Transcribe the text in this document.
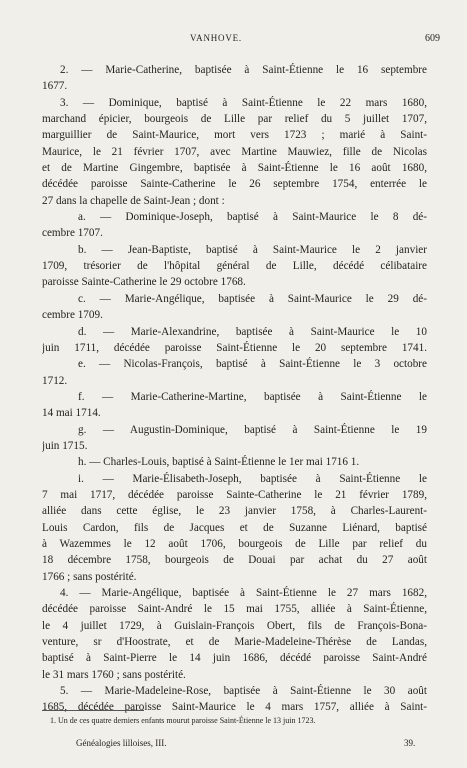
VANHOVE.	609
2. — Marie-Catherine, baptisée à Saint-Étienne le 16 septembre
1677.
3. — Dominique, baptisé à Saint-Étienne le 22 mars 1680,
marchand épicier, bourgeois de Lille par relief du 5 juillet 1707,
marguillier de Saint-Maurice, mort vers 1723 ; marié à Saint-
Maurice, le 21 février 1707, avec Martine Mauwiez, fille de Nicolas
et de Martine Gingembre, baptisée à Saint-Étienne le 16 août 1680,
décédée paroisse Sainte-Catherine le 26 septembre 1754, enterrée le
27 dans la chapelle de Saint-Jean ; dont :
a. — Dominique-Joseph, baptisé à Saint-Maurice le 8 dé-
cembre 1707.
b. — Jean-Baptiste, baptisé à Saint-Maurice le 2 janvier
1709, trésorier de l'hôpital général de Lille, décédé célibataire
paroisse Sainte-Catherine le 29 octobre 1768.
c. — Marie-Angélique, baptisée à Saint-Maurice le 29 dé-
cembre 1709.
d. — Marie-Alexandrine, baptisée à Saint-Maurice le 10
juin 1711, décédée paroisse Saint-Étienne le 20 septembre 1741.
e. — Nicolas-François, baptisé à Saint-Étienne le 3 octobre
1712.
f. — Marie-Catherine-Martine, baptisée à Saint-Étienne le
14 mai 1714.
g. — Augustin-Dominique, baptisé à Saint-Étienne le 19
juin 1715.
h. — Charles-Louis, baptisé à Saint-Étienne le 1er mai 1716 1.
i. — Marie-Élisabeth-Joseph, baptisée à Saint-Étienne le
7 mai 1717, décédée paroisse Sainte-Catherine le 21 février 1789,
alliée dans cette église, le 23 janvier 1758, à Charles-Laurent-
Louis Cardon, fils de Jacques et de Suzanne Liénard, baptisé
à Wazemmes le 12 août 1706, bourgeois de Lille par relief du
18 décembre 1758, bourgeois de Douai par achat du 27 août
1766 ; sans postérité.
4. — Marie-Angélique, baptisée à Saint-Étienne le 27 mars 1682,
décédée paroisse Saint-André le 15 mai 1755, alliée à Saint-Étienne,
le 4 juillet 1729, à Guislain-François Obert, fils de François-Bona-
venture, sr d'Hoostrate, et de Marie-Madeleine-Thérèse de Landas,
baptisé à Saint-Pierre le 14 juin 1686, décédé paroisse Saint-André
le 31 mars 1760 ; sans postérité.
5. — Marie-Madeleine-Rose, baptisée à Saint-Étienne le 30 août
1685, décédée paroisse Saint-Maurice le 4 mars 1757, alliée à Saint-
1. Un de ces quatre derniers enfants mourut paroisse Saint-Étienne le 13 juin 1723.
Généalogies lilloises, III.	39.
